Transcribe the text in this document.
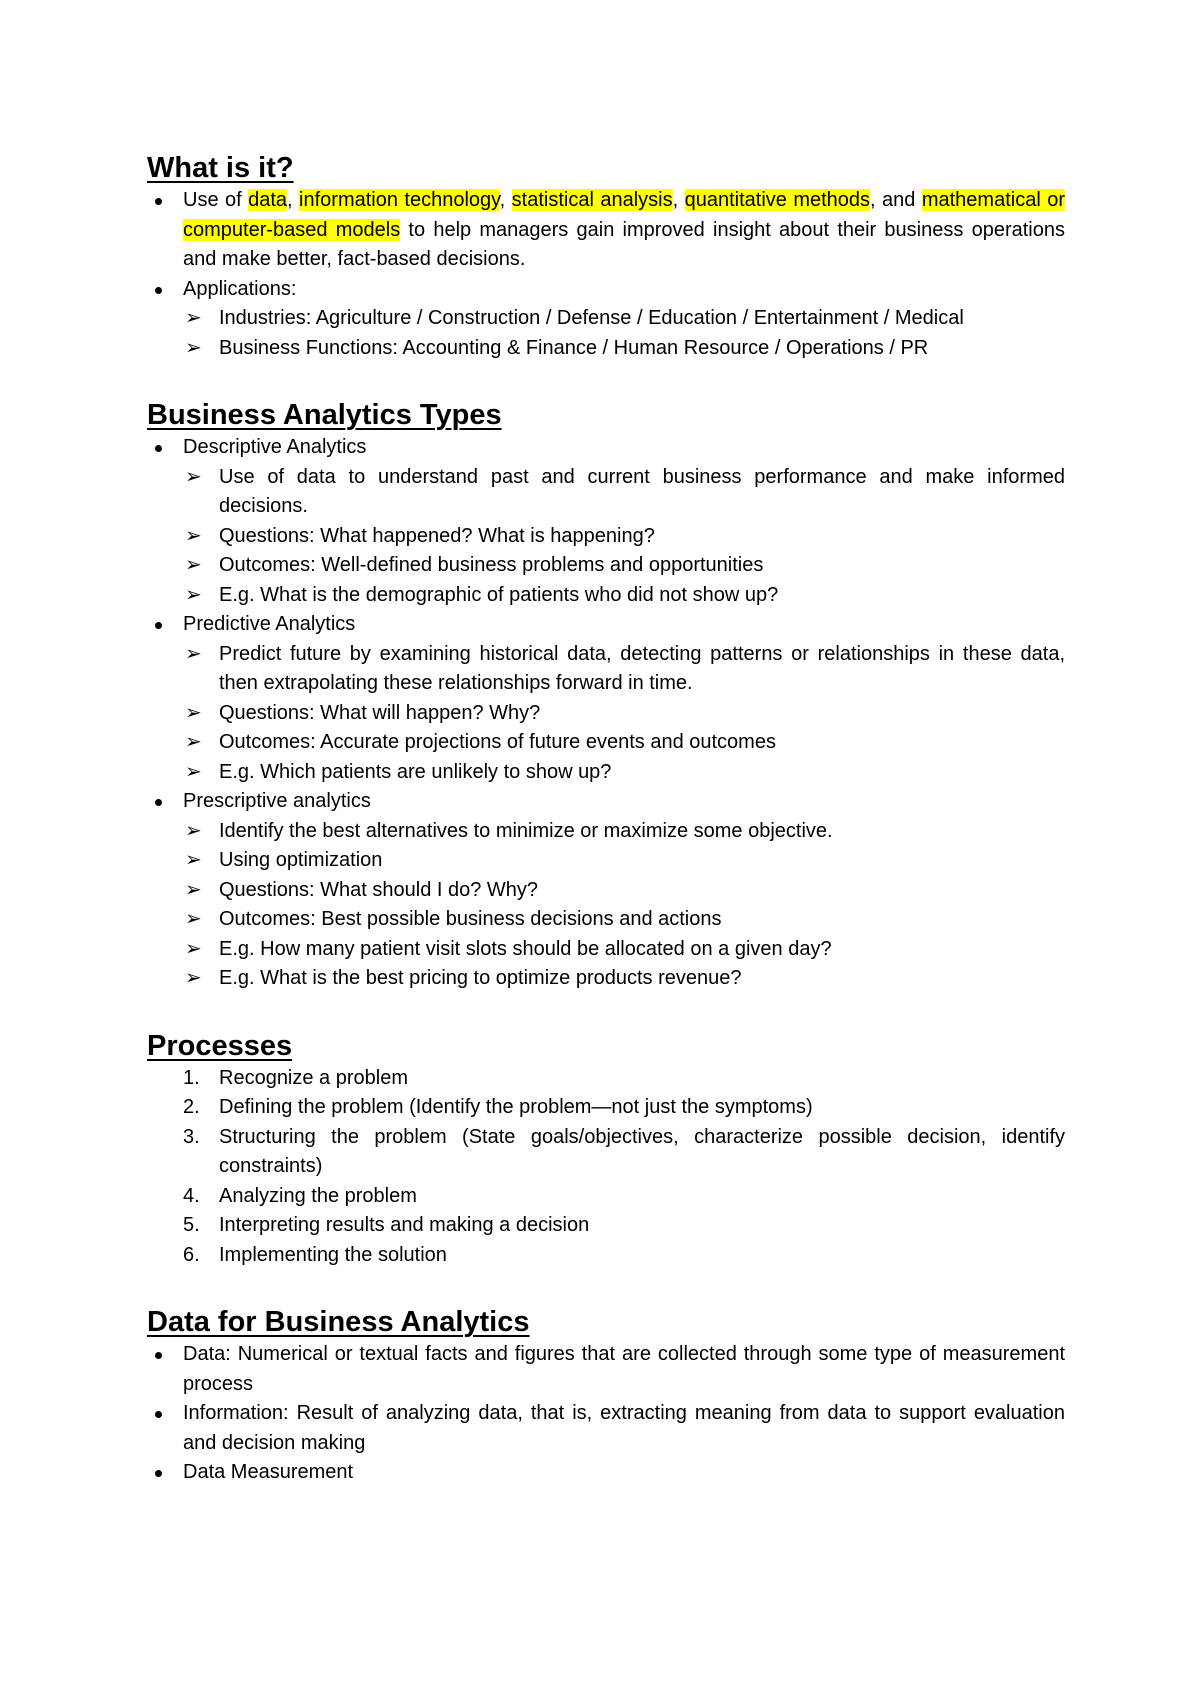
What is it?
Use of data, information technology, statistical analysis, quantitative methods, and mathematical or computer-based models to help managers gain improved insight about their business operations and make better, fact-based decisions.
Applications:
➢ Industries: Agriculture / Construction / Defense / Education / Entertainment / Medical
➢ Business Functions: Accounting & Finance / Human Resource / Operations / PR
Business Analytics Types
Descriptive Analytics
➢ Use of data to understand past and current business performance and make informed decisions.
➢ Questions: What happened? What is happening?
➢ Outcomes: Well-defined business problems and opportunities
➢ E.g. What is the demographic of patients who did not show up?
Predictive Analytics
➢ Predict future by examining historical data, detecting patterns or relationships in these data, then extrapolating these relationships forward in time.
➢ Questions: What will happen? Why?
➢ Outcomes: Accurate projections of future events and outcomes
➢ E.g. Which patients are unlikely to show up?
Prescriptive analytics
➢ Identify the best alternatives to minimize or maximize some objective.
➢ Using optimization
➢ Questions: What should I do? Why?
➢ Outcomes: Best possible business decisions and actions
➢ E.g. How many patient visit slots should be allocated on a given day?
➢ E.g. What is the best pricing to optimize products revenue?
Processes
1. Recognize a problem
2. Defining the problem (Identify the problem—not just the symptoms)
3. Structuring the problem (State goals/objectives, characterize possible decision, identify constraints)
4. Analyzing the problem
5. Interpreting results and making a decision
6. Implementing the solution
Data for Business Analytics
Data: Numerical or textual facts and figures that are collected through some type of measurement process
Information: Result of analyzing data, that is, extracting meaning from data to support evaluation and decision making
Data Measurement
